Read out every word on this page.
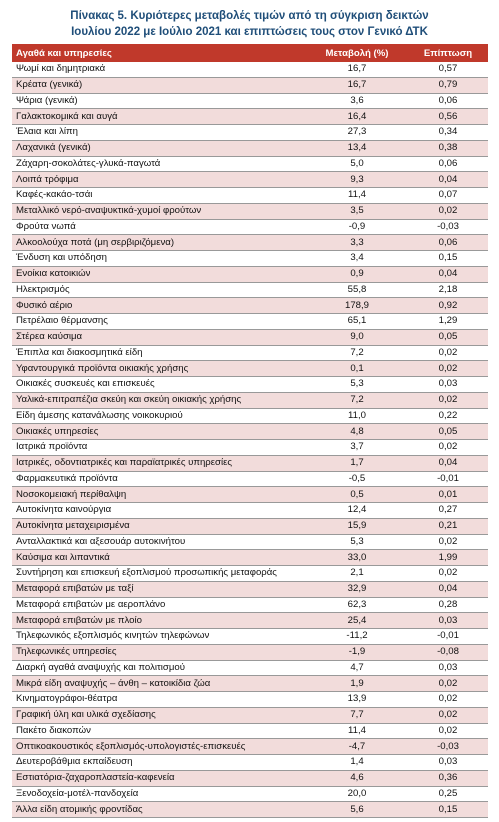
Πίνακας 5. Κυριότερες μεταβολές τιμών από τη σύγκριση δεικτών
Ιουλίου 2022 με Ιούλιο 2021 και επιπτώσεις τους στον Γενικό ΔΤΚ
Αγαθά και υπηρεσίες	Μεταβολή (%)	Επίπτωση
Ψωμί και δημητριακά	16,7	0,57
Κρέατα (γενικά)	16,7	0,79
Ψάρια (γενικά)	3,6	0,06
Γαλακτοκομικά και αυγά	16,4	0,56
Έλαια και λίπη	27,3	0,34
Λαχανικά (γενικά)	13,4	0,38
Ζάχαρη-σοκολάτες-γλυκά-παγωτά	5,0	0,06
Λοιπά τρόφιμα	9,3	0,04
Καφές-κακάο-τσάι	11,4	0,07
Μεταλλικό νερό-αναψυκτικά-χυμοί φρούτων	3,5	0,02
Φρούτα νωπά	-0,9	-0,03
Αλκοολούχα ποτά (μη σερβιριζόμενα)	3,3	0,06
Ένδυση και υπόδηση	3,4	0,15
Ενοίκια κατοικιών	0,9	0,04
Ηλεκτρισμός	55,8	2,18
Φυσικό αέριο	178,9	0,92
Πετρέλαιο θέρμανσης	65,1	1,29
Στέρεα καύσιμα	9,0	0,05
Έπιπλα και διακοσμητικά είδη	7,2	0,02
Υφαντουργικά προϊόντα οικιακής χρήσης	0,1	0,02
Οικιακές συσκευές και επισκευές	5,3	0,03
Υαλικά-επιτραπέζια σκεύη και σκεύη οικιακής χρήσης	7,2	0,02
Είδη άμεσης κατανάλωσης νοικοκυριού	11,0	0,22
Οικιακές υπηρεσίες	4,8	0,05
Ιατρικά προϊόντα	3,7	0,02
Ιατρικές, οδοντιατρικές και παραϊατρικές υπηρεσίες	1,7	0,04
Φαρμακευτικά προϊόντα	-0,5	-0,01
Νοσοκομειακή περίθαλψη	0,5	0,01
Αυτοκίνητα καινούργια	12,4	0,27
Αυτοκίνητα μεταχειρισμένα	15,9	0,21
Ανταλλακτικά και αξεσουάρ αυτοκινήτου	5,3	0,02
Καύσιμα και λιπαντικά	33,0	1,99
Συντήρηση και επισκευή εξοπλισμού προσωπικής μεταφοράς	2,1	0,02
Μεταφορά επιβατών με ταξί	32,9	0,04
Μεταφορά επιβατών με αεροπλάνο	62,3	0,28
Μεταφορά επιβατών με πλοίο	25,4	0,03
Τηλεφωνικός εξοπλισμός κινητών τηλεφώνων	-11,2	-0,01
Τηλεφωνικές υπηρεσίες	-1,9	-0,08
Διαρκή αγαθά αναψυχής και πολιτισμού	4,7	0,03
Μικρά είδη αναψυχής – άνθη – κατοικίδια ζώα	1,9	0,02
Κινηματογράφοι-θέατρα	13,9	0,02
Γραφική ύλη και υλικά σχεδίασης	7,7	0,02
Πακέτο διακοπών	11,4	0,02
Οπτικοακουστικός εξοπλισμός-υπολογιστές-επισκευές	-4,7	-0,03
Δευτεροβάθμια εκπαίδευση	1,4	0,03
Εστιατόρια-ζαχαροπλαστεία-καφενεία	4,6	0,36
Ξενοδοχεία-μοτέλ-πανδοχεία	20,0	0,25
Άλλα είδη ατομικής φροντίδας	5,6	0,15
